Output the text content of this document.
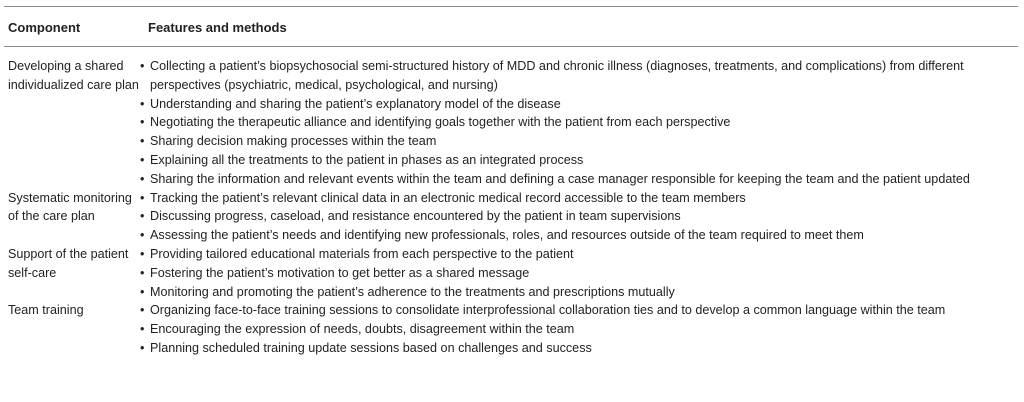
Component	Features and methods
Developing a shared individualized care plan
• Collecting a patient’s biopsychosocial semi-structured history of MDD and chronic illness (diagnoses, treatments, and complications) from different perspectives (psychiatric, medical, psychological, and nursing)
• Understanding and sharing the patient’s explanatory model of the disease
• Negotiating the therapeutic alliance and identifying goals together with the patient from each perspective
• Sharing decision making processes within the team
• Explaining all the treatments to the patient in phases as an integrated process
• Sharing the information and relevant events within the team and defining a case manager responsible for keeping the team and the patient updated
Systematic monitoring of the care plan
• Tracking the patient’s relevant clinical data in an electronic medical record accessible to the team members
• Discussing progress, caseload, and resistance encountered by the patient in team supervisions
• Assessing the patient’s needs and identifying new professionals, roles, and resources outside of the team required to meet them
Support of the patient self-care
• Providing tailored educational materials from each perspective to the patient
• Fostering the patient’s motivation to get better as a shared message
• Monitoring and promoting the patient’s adherence to the treatments and prescriptions mutually
Team training
•	Organizing face-to-face training sessions to consolidate interprofessional collaboration ties and to develop a common language within the team
• Encouraging the expression of needs, doubts, disagreement within the team
• Planning scheduled training update sessions based on challenges and success
